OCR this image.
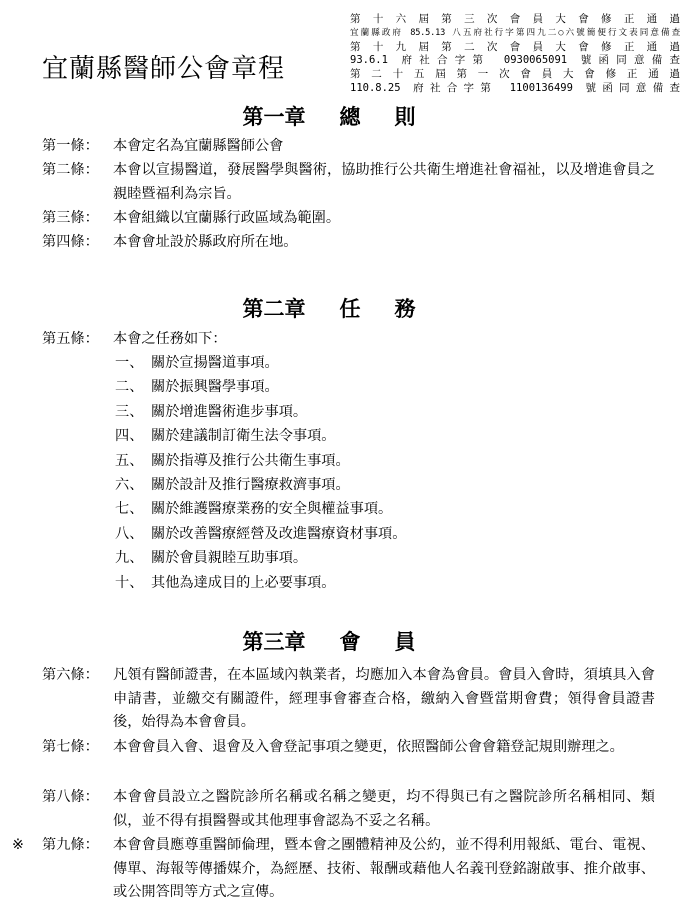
宜蘭縣醫師公會章程
第十六屆第三次會員大會修正通過
宜蘭縣政府 85.5.13 八五府社行字第四九二○六號簡便行文表同意備查
第十九屆第二次會員大會修正通過
93.6.1 府社合字第 0930065091 號函同意備查
第二十五屆第一次會員大會修正通過
110.8.25 府社合字第 1100136499 號函同意備查
第一章 總則
第一條： 本會定名為宜蘭縣醫師公會
第二條： 本會以宣揚醫道，發展醫學與醫術，協助推行公共衛生增進社會福祉，以及增進會員之親睦暨福利為宗旨。
第三條： 本會組織以宜蘭縣行政區域為範圍。
第四條： 本會會址設於縣政府所在地。
第二章 任務
第五條： 本會之任務如下：
一、 關於宣揚醫道事項。
二、 關於振興醫學事項。
三、 關於增進醫術進步事項。
四、 關於建議制訂衛生法令事項。
五、 關於指導及推行公共衛生事項。
六、 關於設計及推行醫療救濟事項。
七、 關於維護醫療業務的安全與權益事項。
八、 關於改善醫療經營及改進醫療資材事項。
九、 關於會員親睦互助事項。
十、 其他為達成目的上必要事項。
第三章 會員
第六條： 凡領有醫師證書，在本區域內執業者，均應加入本會為會員。會員入會時，須填具入會申請書，並繳交有關證件，經理事會審查合格，繳納入會暨當期會費；領得會員證書後，始得為本會會員。
第七條： 本會會員入會、退會及入會登記事項之變更，依照醫師公會會籍登記規則辦理之。
第八條： 本會會員設立之醫院診所名稱或名稱之變更，均不得與已有之醫院診所名稱相同、類似，並不得有損醫譽或其他理事會認為不妥之名稱。
※ 第九條： 本會會員應尊重醫師倫理，暨本會之團體精神及公約，並不得利用報紙、電台、電視、傳單、海報等傳播媒介，為經歷、技術、報酬或藉他人名義刊登銘謝啟事、推介啟事、或公開答問等方式之宣傳。
